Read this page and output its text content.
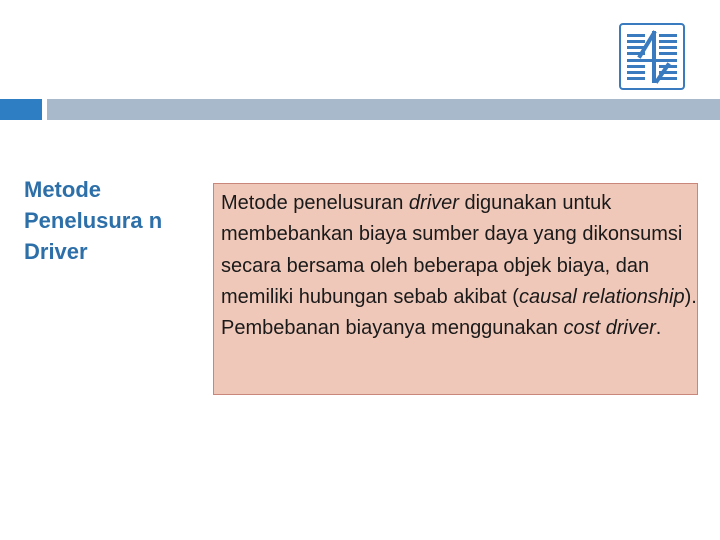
Metode Penelusura n Driver

Metode penelusuran driver digunakan untuk membebankan biaya sumber daya yang dikonsumsi secara bersama oleh beberapa objek biaya, dan memiliki hubungan sebab akibat (causal relationship). Pembebanan biayanya menggunakan cost driver.
